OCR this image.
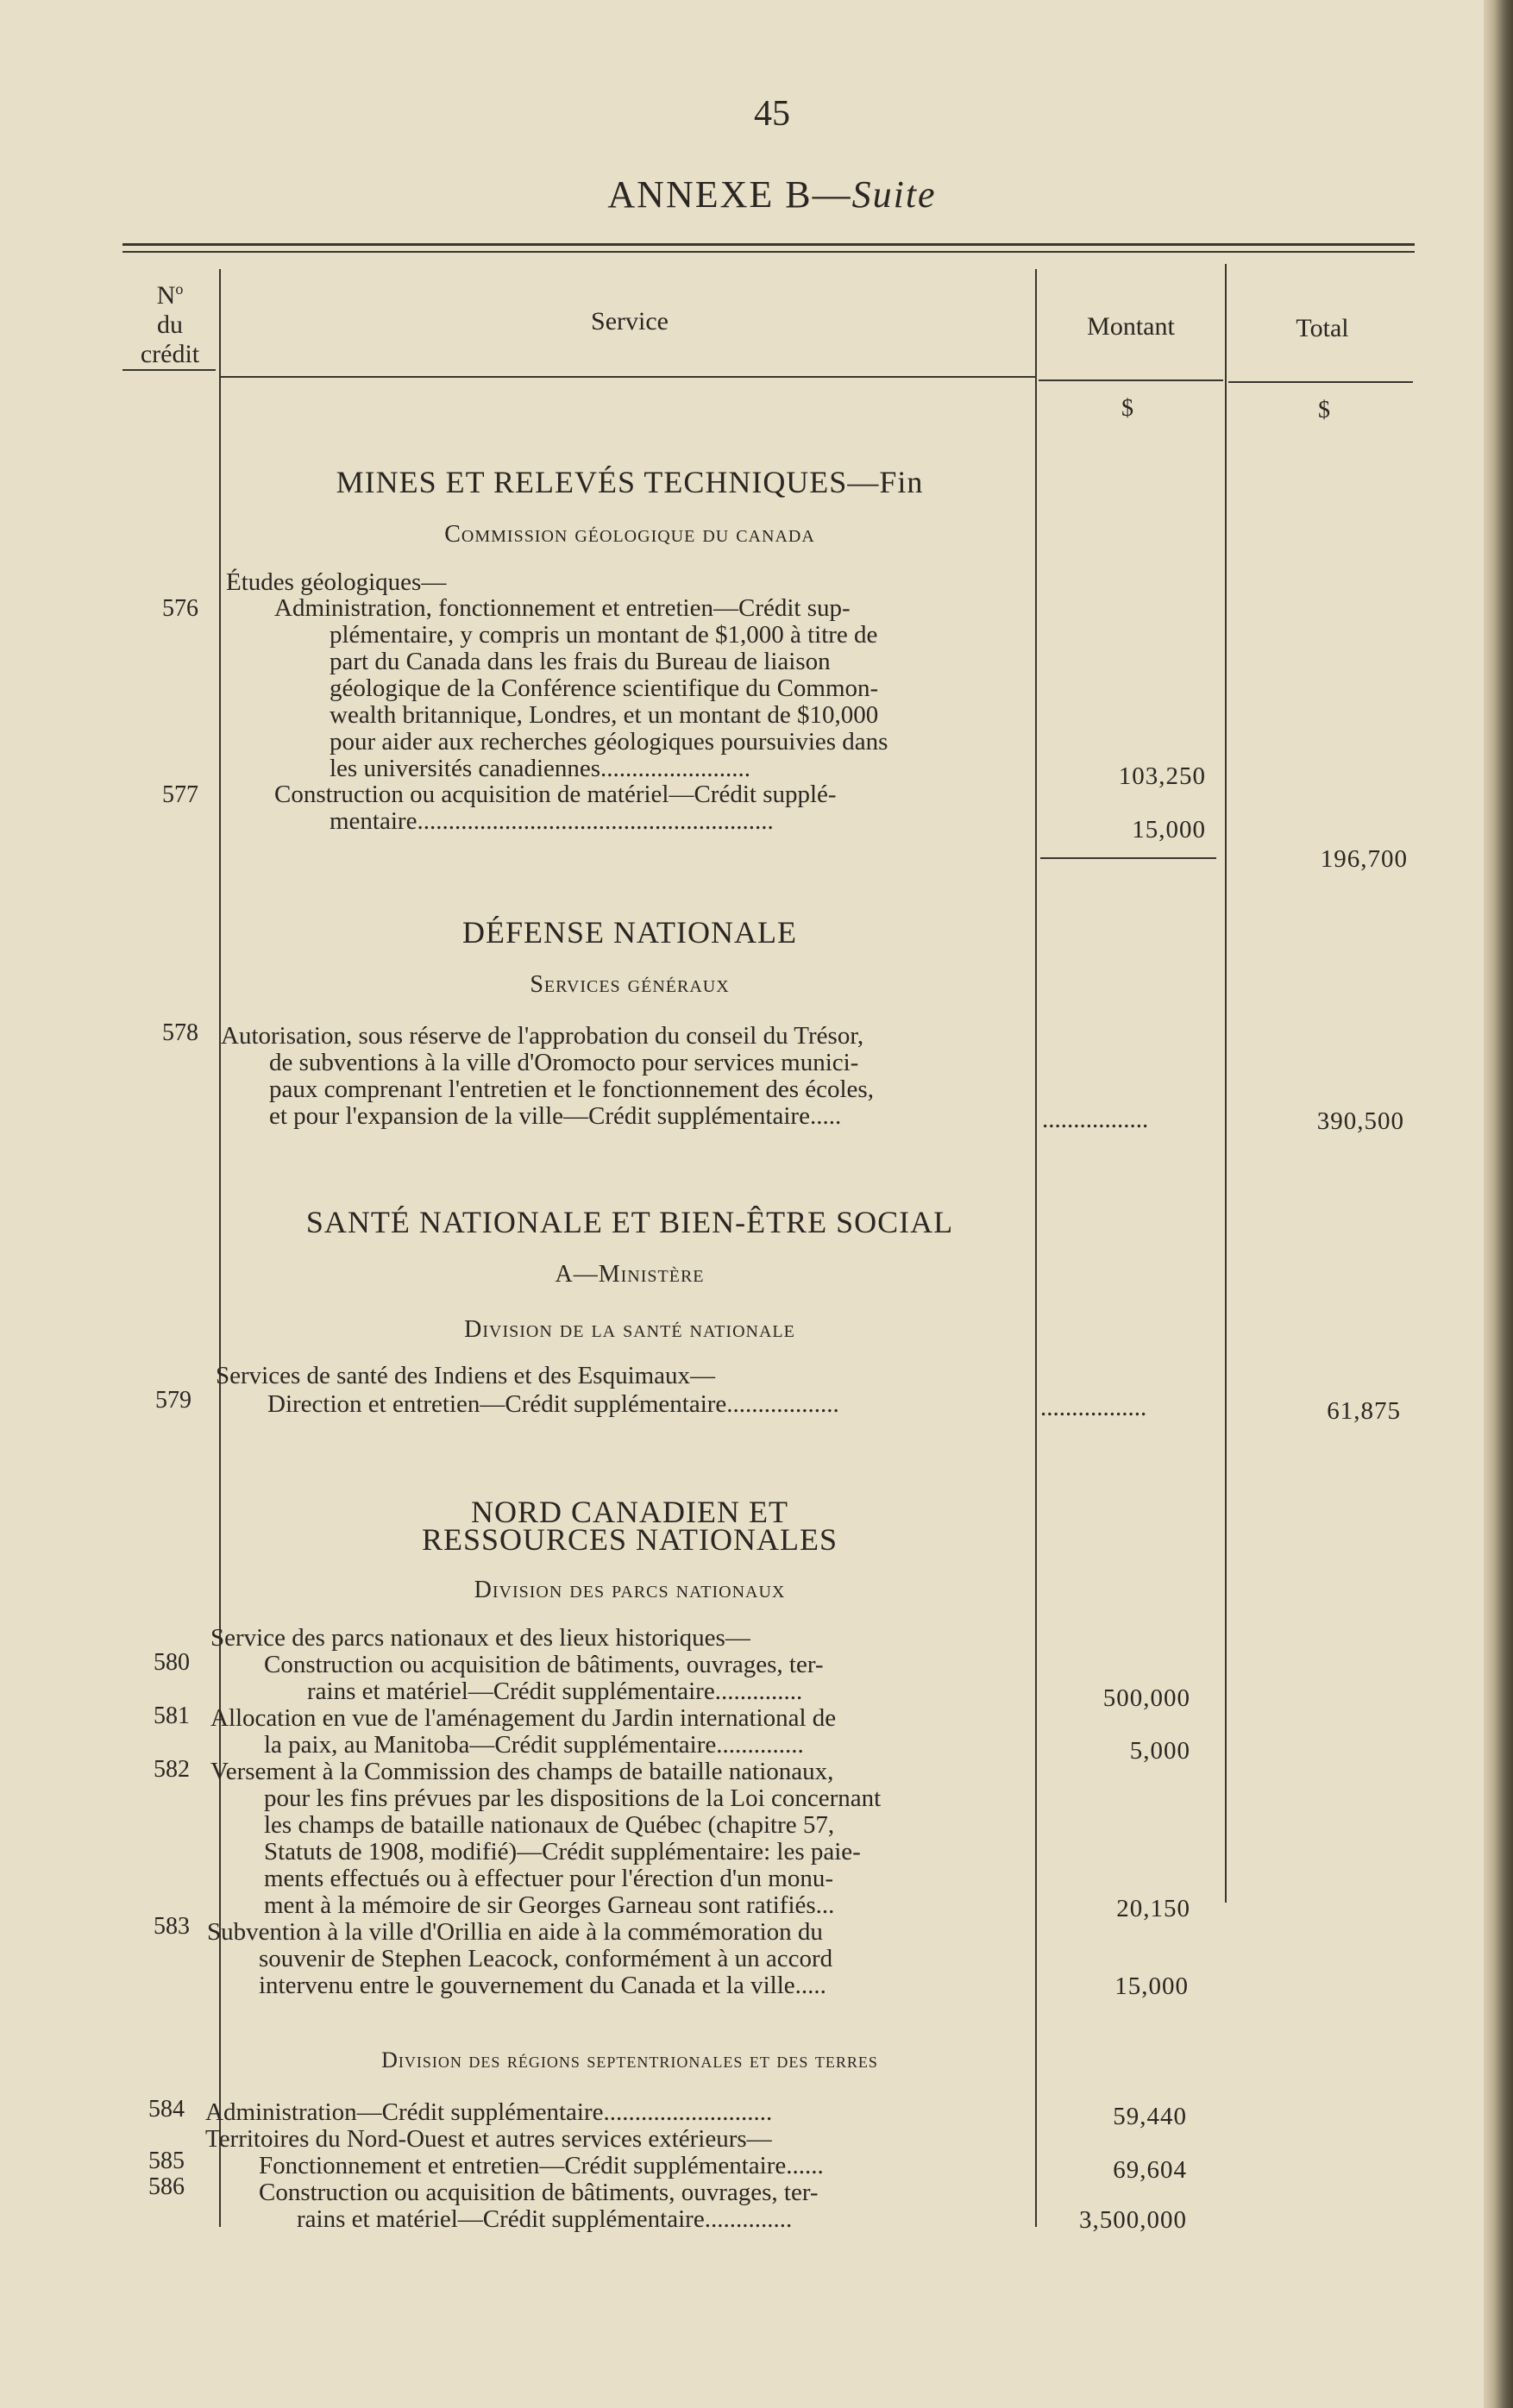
45
ANNEXE B—Suite
$N^o$
du
crédit
Service	Montant	Total
$	$
MINES ET RELEVÉS TECHNIQUES—Fin
Commission géologique du canada
Études géologiques—
576	Administration, fonctionnement et entretien—Crédit sup-
plémentaire, y compris un montant de $1,000 à titre de
part du Canada dans les frais du Bureau de liaison
géologique de la Conférence scientifique du Common-
wealth britannique, Londres, et un montant de $10,000
pour aider aux recherches géologiques poursuivies dans
les universités canadiennes........................	103,250
577	Construction ou acquisition de matériel—Crédit supplé-
mentaire.........................................................	15,000
196,700
DÉFENSE NATIONALE
Services généraux
578 Autorisation, sous réserve de l'approbation du conseil du Trésor,
de subventions à la ville d'Oromocto pour services munici-
paux comprenant l'entretien et le fonctionnement des écoles,
et pour l'expansion de la ville—Crédit supplémentaire.....	.................	390,500
SANTÉ NATIONALE ET BIEN-ÊTRE SOCIAL
A—Ministère
Division de la santé nationale
Services de santé des Indiens et des Esquimaux—
579	Direction et entretien—Crédit supplémentaire..................	.................	61,875
NORD CANADIEN ET
RESSOURCES NATIONALES
Division des parcs nationaux
Service des parcs nationaux et des lieux historiques—
580	Construction ou acquisition de bâtiments, ouvrages, ter-
rains et matériel—Crédit supplémentaire..............	500,000
581 Allocation en vue de l'aménagement du Jardin international de
la paix, au Manitoba—Crédit supplémentaire..............	5,000
582 Versement à la Commission des champs de bataille nationaux,
pour les fins prévues par les dispositions de la Loi concernant
les champs de bataille nationaux de Québec (chapitre 57,
Statuts de 1908, modifié)—Crédit supplémentaire: les paie-
ments effectués ou à effectuer pour l'érection d'un monu-
ment à la mémoire de sir Georges Garneau sont ratifiés...	20,150
583 Subvention à la ville d'Orillia en aide à la commémoration du
souvenir de Stephen Leacock, conformément à un accord
intervenu entre le gouvernement du Canada et la ville.....	15,000
Division des régions septentrionales et des terres
584 Administration—Crédit supplémentaire...........................	59,440
Territoires du Nord-Ouest et autres services extérieurs—
585	Fonctionnement et entretien—Crédit supplémentaire......	69,604
586	Construction ou acquisition de bâtiments, ouvrages, ter-
rains et matériel—Crédit supplémentaire..............	3,500,000
